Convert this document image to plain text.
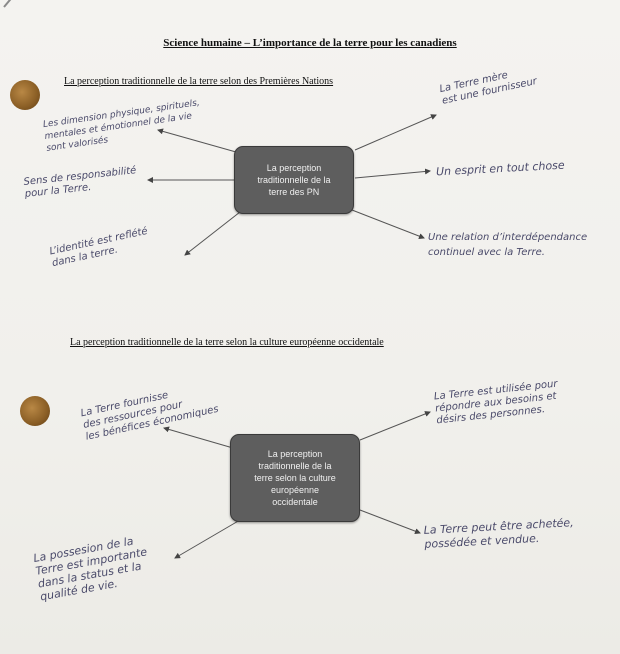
Science humaine – L’importance de la terre pour les canadiens
La perception traditionnelle de la terre selon des Premières Nations
La perception traditionnelle de la terre selon la culture européenne occidentale
La perception
traditionnelle de la
terre des PN
La perception
traditionnelle de la
terre selon la culture
européenne
occidentale
Les dimension physique, spirituels,
mentales et émotionnel de la vie
sont valorisés
Sens de responsabilité
pour la Terre.
L’identité est reflété
dans la terre.
La Terre mère
est une fournisseur
Un esprit en tout chose
Une relation d’interdépendance
continuel avec la Terre.
La Terre fournisse
des ressources pour
les bénéfices économiques
La possesion de la
Terre est importante
dans la status et la
qualité de vie.
La Terre est utilisée pour
répondre aux besoins et
désirs des personnes.
La Terre peut être achetée,
possédée et vendue.
